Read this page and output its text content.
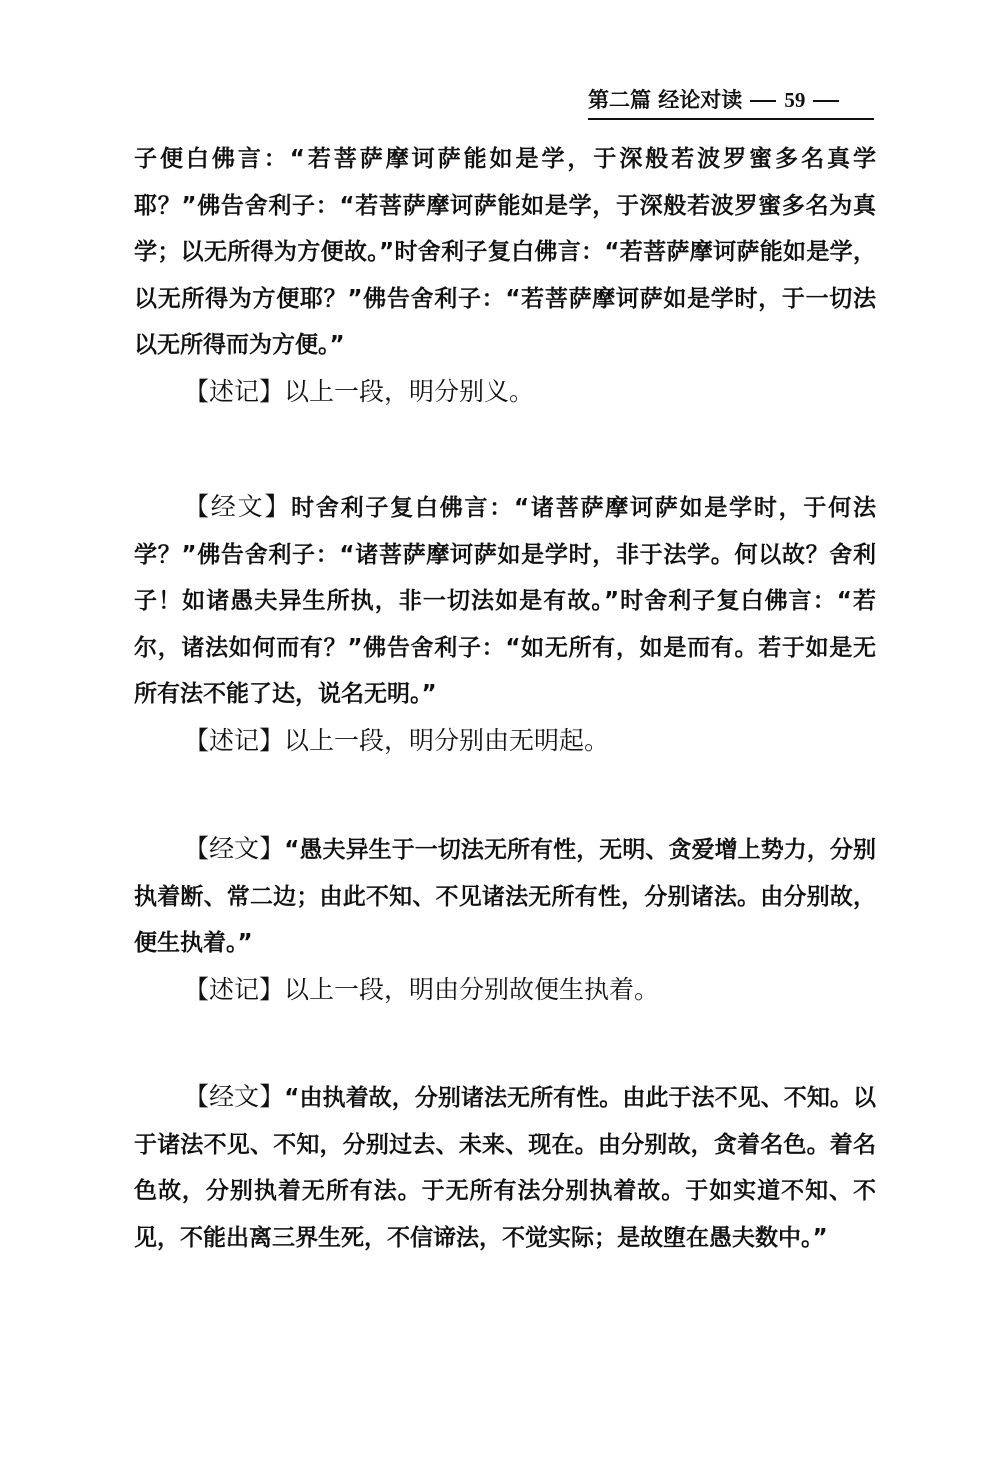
第二篇 经论对读 59

子便白佛言：“若菩萨摩诃萨能如是学，于深般若波罗蜜多名真学耶？”佛告舍利子：“若菩萨摩诃萨能如是学，于深般若波罗蜜多名为真学；以无所得为方便故。”时舍利子复白佛言：“若菩萨摩诃萨能如是学，以无所得为方便耶？”佛告舍利子：“若菩萨摩诃萨如是学时，于一切法以无所得而为方便。”

【述记】以上一段，明分别义。

【经文】时舍利子复白佛言：“诸菩萨摩诃萨如是学时，于何法学？”佛告舍利子：“诸菩萨摩诃萨如是学时，非于法学。何以故？舍利子！如诸愚夫异生所执，非一切法如是有故。”时舍利子复白佛言：“若尔，诸法如何而有？”佛告舍利子：“如无所有，如是而有。若于如是无所有法不能了达，说名无明。”

【述记】以上一段，明分别由无明起。

【经文】“愚夫异生于一切法无所有性，无明、贪爱增上势力，分别执着断、常二边；由此不知、不见诸法无所有性，分别诸法。由分别故，便生执着。”

【述记】以上一段，明由分别故便生执着。

【经文】“由执着故，分别诸法无所有性。由此于法不见、不知。以于诸法不见、不知，分别过去、未来、现在。由分别故，贪着名色。着名色故，分别执着无所有法。于无所有法分别执着故。于如实道不知、不见，不能出离三界生死，不信谛法，不觉实际；是故堕在愚夫数中。”
